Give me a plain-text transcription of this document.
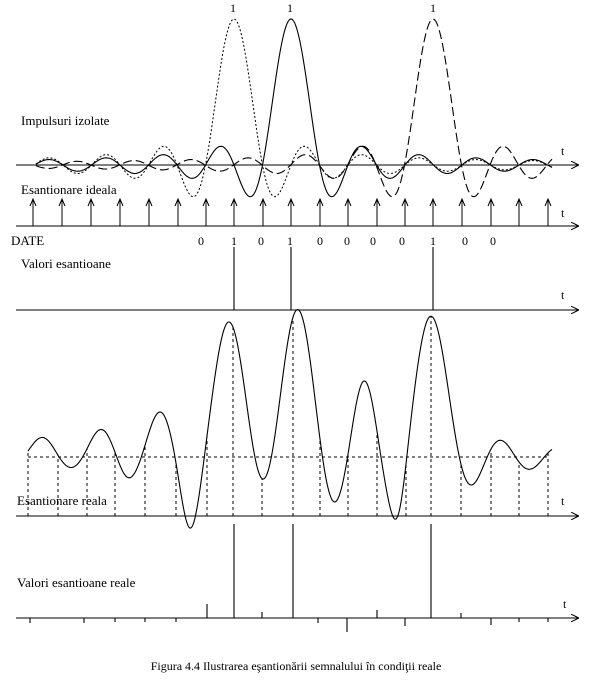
Impulsuri izolate
t
1	1	1
Esantionare ideala
t
DATE	0 1 0 1 0 0 0 0 1 0 0
Valori esantioane
t
Esantionare reala	t
Valori esantioane reale
t
Figura 4.4 Ilustrarea eşantionării semnalului în condiţii reale
